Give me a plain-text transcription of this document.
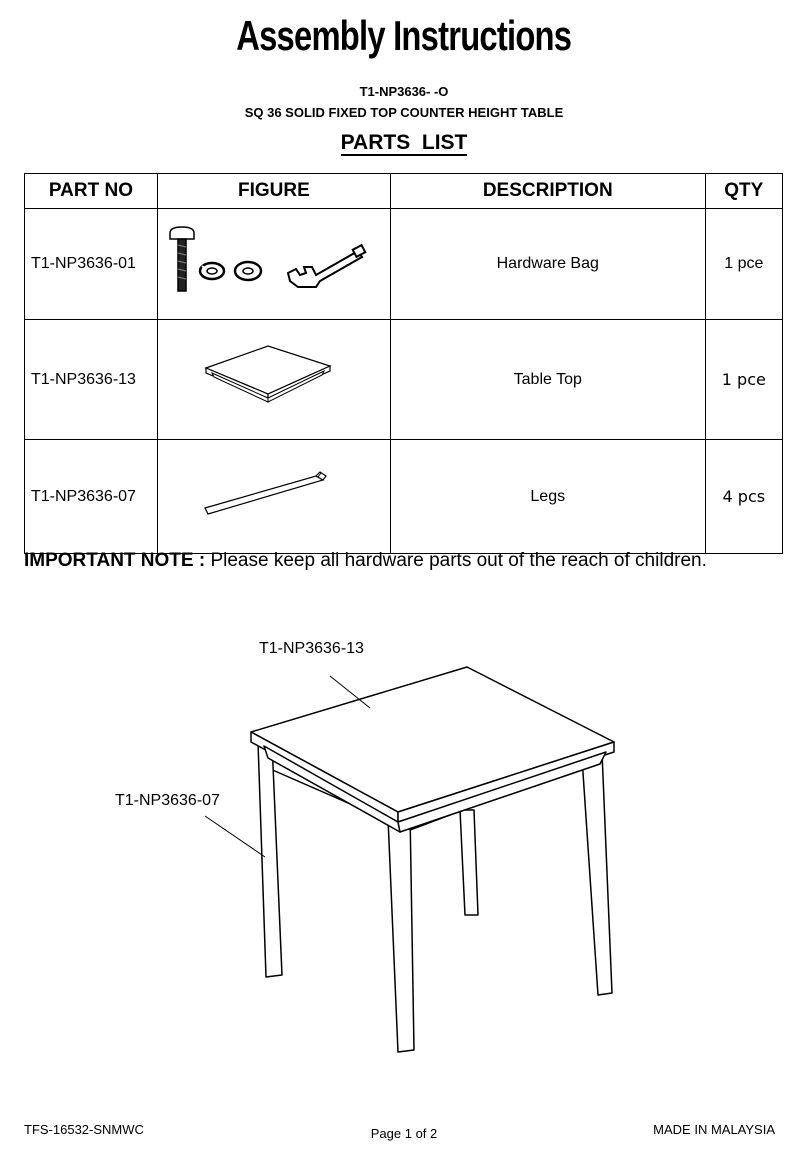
Assembly Instructions
T1-NP3636- -O
SQ 36 SOLID FIXED TOP COUNTER HEIGHT TABLE
PARTS  LIST
PART NO	FIGURE	DESCRIPTION	QTY
T1-NP3636-01		Hardware Bag	1 pce
T1-NP3636-13		Table Top	1 pce
T1-NP3636-07		Legs	4 pcs
IMPORTANT NOTE : Please keep all hardware parts out of the reach of children.
T1-NP3636-13
T1-NP3636-07
TFS-16532-SNMWC	Page 1 of 2	MADE IN MALAYSIA
